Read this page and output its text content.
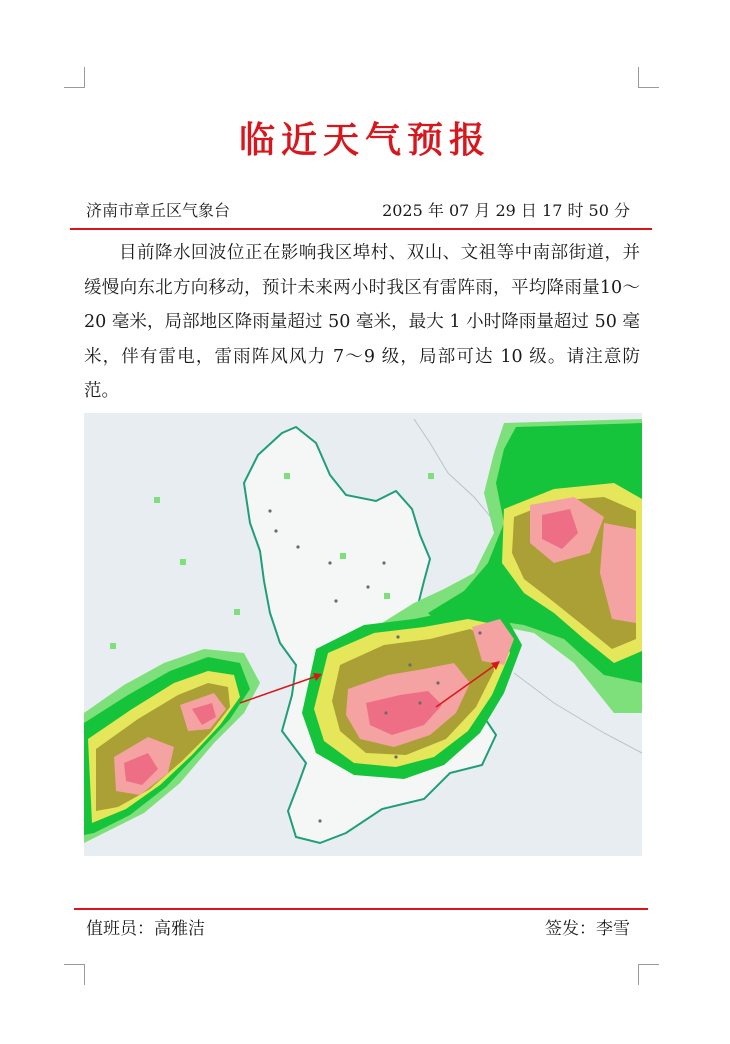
临近天气预报
济南市章丘区气象台	2025 年 07 月 29 日 17 时 50 分

目前降水回波位正在影响我区埠村、双山、文祖等中南部街道，并缓慢向东北方向移动，预计未来两小时我区有雷阵雨，平均降雨量10～20 毫米，局部地区降雨量超过 50 毫米，最大 1 小时降雨量超过 50 毫米，伴有雷电，雷雨阵风风力 7～9 级，局部可达 10 级。请注意防范。

值班员：高雅洁	签发：李雪
